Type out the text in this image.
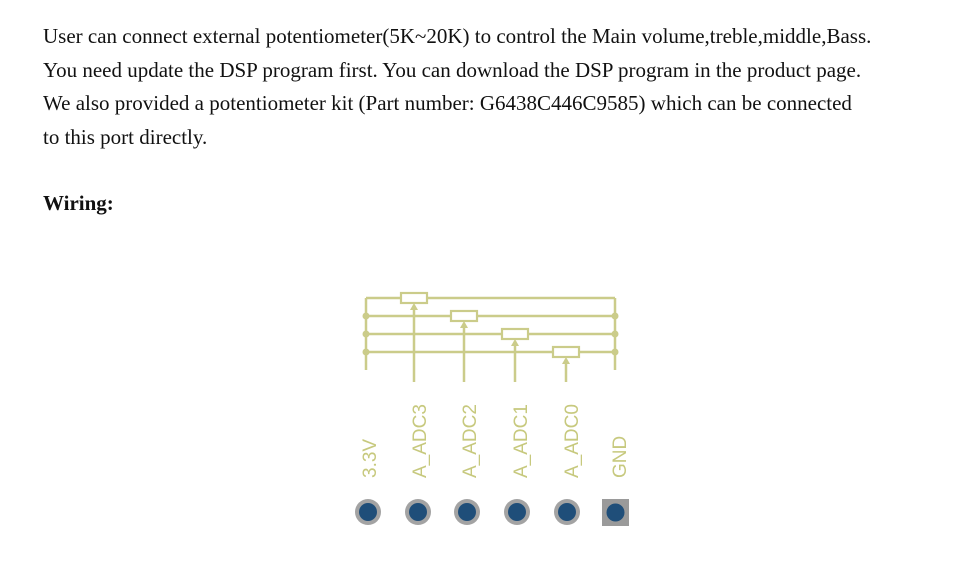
User can connect external potentiometer(5K~20K) to control the Main volume,treble,middle,Bass.
You need update the DSP program first. You can download the DSP program in the product page.
We also provided a potentiometer kit (Part number: G6438C446C9585) which can be connected
to this port directly.
Wiring:
3.3V A_ADC3 A_ADC2 A_ADC1 A_ADC0 GND
